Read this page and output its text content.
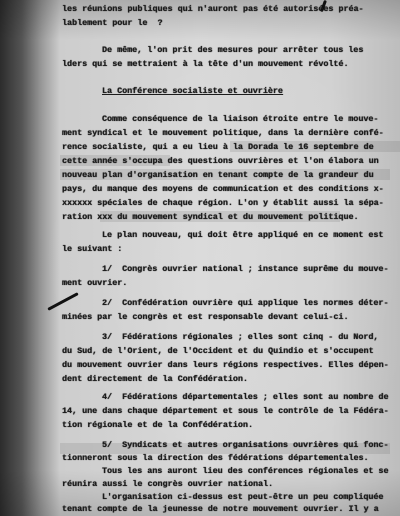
les réunions publiques qui n'auront pas été autorisées préa-
lablement pour le  ?
De même, l'on prit des mesures pour arrêter tous les
lders qui se mettraient à la tête d'un mouvement révolté.
La Conférence socialiste et ouvrière
Comme conséquence de la liaison étroite entre le mouve-
ment syndical et le mouvement politique, dans la dernière confé-
rence socialiste, qui a eu lieu à la Dorada le 16 septembre de
cette année s'occupa des questions ouvrières et l'on élabora un
nouveau plan d'organisation en tenant compte de la grandeur du
pays, du manque des moyens de communication et des conditions x-
xxxxxx spéciales de chaque région. L'on y établit aussi la sépa-
ration xxx du mouvement syndical et du mouvement politique.
Le plan nouveau, qui doit être appliqué en ce moment est
le suivant :
1/  Congrès ouvrier national ; instance suprême du mouve-
ment ouvrier.
2/  Confédération ouvrière qui applique les normes déter-
minées par le congrès et est responsable devant celui-ci.
3/  Fédérations régionales ; elles sont cinq - du Nord,
du Sud, de l'Orient, de l'Occident et du Quindio et s'occupent
du mouvement ouvrier dans leurs régions respectives. Elles dépen-
dent directement de la Confédération.
4/  Fédérations départementales ; elles sont au nombre de
14, une dans chaque département et sous le contrôle de la Fédéra-
tion régionale et de la Confédération.
5/  Syndicats et autres organisations ouvrières qui fonc-
tionneront sous la direction des fédérations départementales.
Tous les ans auront lieu des conférences régionales et se
réunira aussi le congrès ouvrier national.
L'organisation ci-dessus est peut-être un peu compliquée
tenant compte de la jeunesse de notre mouvement ouvrier. Il y a
